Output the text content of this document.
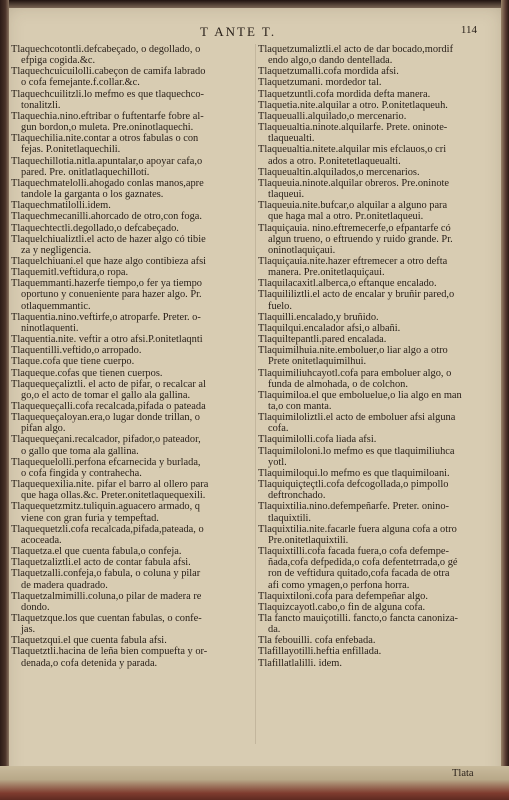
T ANTE T.	114
Tlaquechcotontli.defcabeçado, o degollado, o
efpiga cogida.&c.
Tlaquechcuicuilolli.cabeçon de camifa labrado
o cofa femejante.f.collar.&c.
Tlaquechcuilitzli.lo mefmo es que tlaquechco-
tonalitzli.
Tlaquechia.nino.eftribar o fuftentarfe fobre al-
gun bordon,o muleta. Pre.oninotlaquechi.
Tlaquechilia.nite.contar a otros fabulas o con
fejas. P.onitetlaquechili.
Tlaquechillotia.nitla.apuntalar,o apoyar cafa,o
pared. Pre. onitlatlaquechillotí.
Tlaquechmatelolli.ahogado conlas manos,apre
tandole la garganta o los gaznates.
Tlaquechmatilolli.idem.
Tlaquechmecanilli.ahorcado de otro,con foga.
Tlaquechtectli.degollado,o defcabeçado.
Tlaquelchiualiztli.el acto de hazer algo có tibie
za y negligencia.
Tlaquelchiuani.el que haze algo contibieza afsi
Tlaquemitl.veftidura,o ropa.
Tlaquemmanti.hazerfe tiempo,o fer ya tiempo
oportuno y conueniente para hazer algo. Pr.
otlaquemmantic.
Tlaquentia.nino.veftirfe,o atroparfe. Preter. o-
ninotlaquenti.
Tlaquentia.nite. veftir a otro afsi.P.onitetlaqnti
Tlaquentilli.veftido,o arropado.
Tlaque.cofa que tiene cuerpo.
Tlaqueque.cofas que tienen cuerpos.
Tlaquequeçaliztli. el acto de pifar, o recalcar al
go,o el acto de tomar el gallo ala gallina.
Tlaquequeçalli.cofa recalcada,pifada o pateada
Tlaquequeçaloyan.era,o lugar donde trillan, o
pifan algo.
Tlaquequeçani.recalcador, pifador,o pateador,
o gallo que toma ala gallina.
Tlaquequelolli.perfona efcarnecida y burlada,
o cofa fingida y contrahecha.
Tlaquequexilia.nite. pifar el barro al ollero para
que haga ollas.&c. Preter.onitetlaquequexili.
Tlaquequetzmitz.tuliquin.aguacero armado, q
viene con gran furia y tempeftad.
Tlaquequetzli.cofa recalcada,pifada,pateada, o
acoceada.
Tlaquetza.el que cuenta fabula,o confeja.
Tlaquetzaliztli.el acto de contar fabula afsi.
Tlaquetzalli.confeja,o fabula, o coluna y pilar
de madera quadrado.
Tlaquetzalmimilli.coluna,o pilar de madera re
dondo.
Tlaquetzque.los que cuentan fabulas, o confe-
jas.
Tlaquetzqui.el que cuenta fabula afsi.
Tlaquetztli.hacina de leña bien compuefta y or-
denada,o cofa detenida y parada.
Tlaquetzumaliztli.el acto de dar bocado,mordif
endo algo,o dando dentellada.
Tlaquetzumalli.cofa mordida afsi.
Tlaquetzumani. mordedor tal.
Tlaquetzuntli.cofa mordida defta manera.
Tlaquetia.nite.alquilar a otro. P.onitetlaqueuh.
Tlaqueualli.alquilado,o mercenario.
Tlaqueualtia.ninote.alquilarfe. Prete. oninote-
tlaqueualti.
Tlaqueualtia.nitete.alquilar mis efclauos,o cri
ados a otro. P.onitetetlaqueualti.
Tlaqueualtin.alquilados,o mercenarios.
Tlaqueuia.ninote.alquilar obreros. Pre.oninote
tlaqueui.
Tlaqueuia.nite.bufcar,o alquilar a alguno para
que haga mal a otro. Pr.onitetlaqueui.
Tlaquiçauia. nino.eftremecerfe,o efpantarfe có
algun trueno, o eftruendo y ruido grande. Pr.
oninotlaquiçaui.
Tlaquiçauia.nite.hazer eftremecer a otro defta
manera. Pre.onitetlaquiçaui.
Tlaquilacaxitl.alberca,o eftanque encalado.
Tlaquililiztli.el acto de encalar y bruñir pared,o
fuelo.
Tlaquilli.encalado,y bruñido.
Tlaquilqui.encalador afsi,o albañi.
Tlaquiltepantli.pared encalada.
Tlaquimilhuia.nite.emboluer,o liar algo a otro
Prete onitetlaquimilhui.
Tlaquimiliuhcayotl.cofa para emboluer algo, o
funda de almohada, o de colchon.
Tlaquimiloa.el que emboluelue,o lia algo en man
ta,o con manta.
Tlaquimiloliztli.el acto de emboluer afsi alguna
cofa.
Tlaquimilolli.cofa liada afsi.
Tlaquimiloloni.lo mefmo es que tlaquimiliuhca
yotl.
Tlaquimiloqui.lo mefmo es que tlaquimiloani.
Tlaquiquiçteçtli.cofa defcogollada,o pimpollo
deftronchado.
Tlaquixtilia.nino.defempeñarfe. Preter. onino-
tlaquixtili.
Tlaquixtilia.nite.facarle fuera alguna cofa a otro
Pre.onitetlaquixtili.
Tlaquixtilli.cofa facada fuera,o cofa defempe-
ñada,cofa defpedida,o cofa defentetrrada,o gé
ron de veftidura quitado,cofa facada de otra
afi como ymagen,o perfona horra.
Tlaquixtiloni.cofa para defempeñar algo.
Tlaquizcayotl.cabo,o fin de alguna cofa.
Tla fancto mauiçotilli. fancto,o fancta canoniza-
da.
Tla febouilli. cofa enfebada.
Tlafillayotilli.heftia enfillada.
Tlafillatlalilli. idem.
Tlata
